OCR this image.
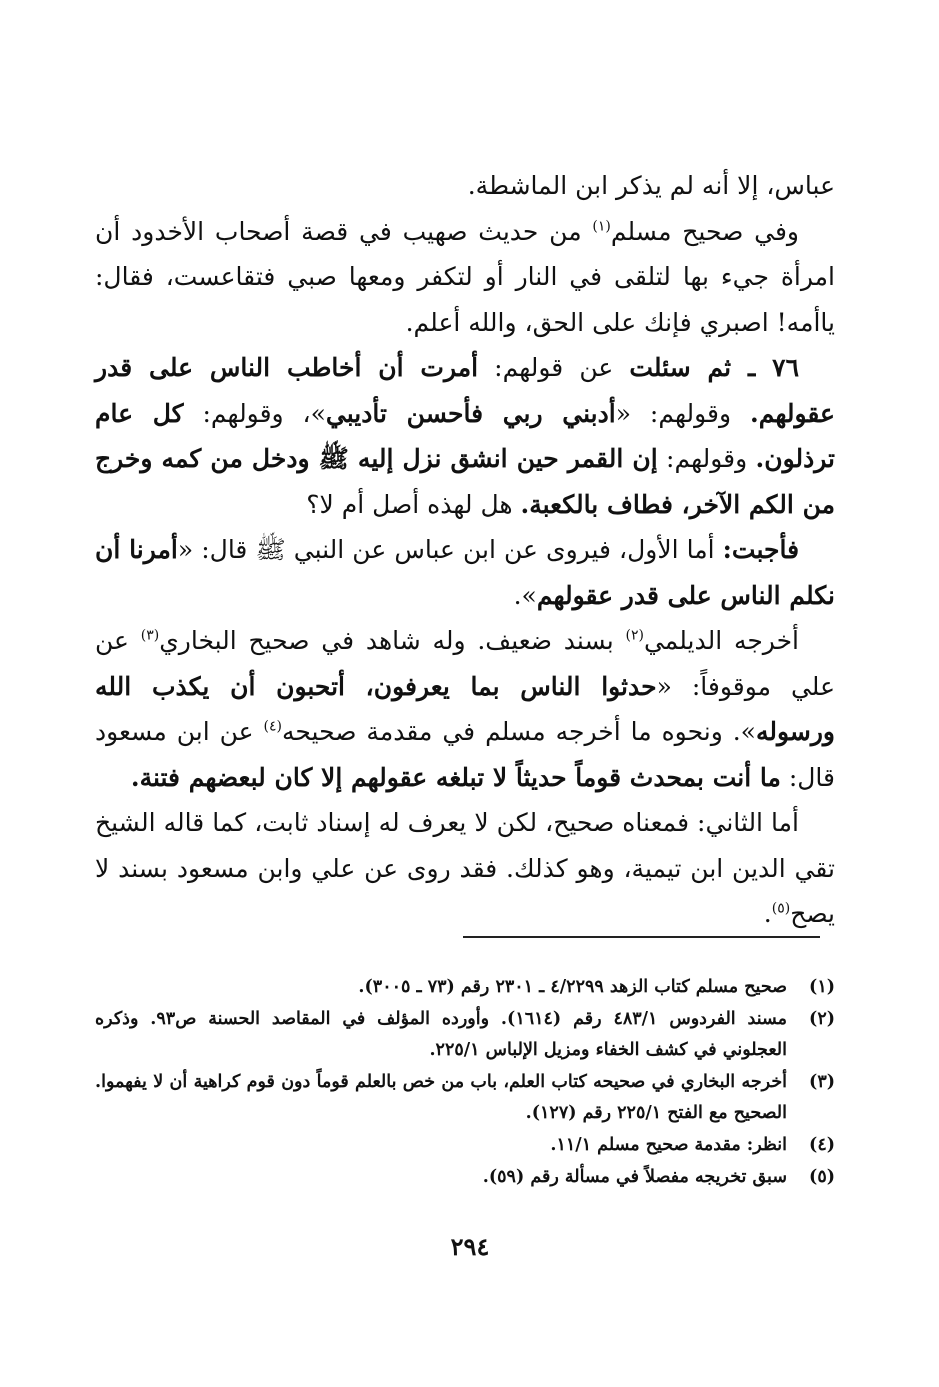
عباس، إلا أنه لم يذكر ابن الماشطة.

وفي صحيح مسلم$^{(١)}$ من حديث صهيب في قصة أصحاب الأخدود أن امرأة جيء بها لتلقى في النار أو لتكفر ومعها صبي فتقاعست، فقال: ياأمه! اصبري فإنك على الحق، والله أعلم.

٧٦ ـ ثم سئلت عن قولهم: أمرت أن أخاطب الناس على قدر عقولهم. وقولهم: «أدبني ربي فأحسن تأديبي»، وقولهم: كل عام ترذلون. وقولهم: إن القمر حين انشق نزل إليه ﷺ ودخل من كمه وخرج من الكم الآخر، فطاف بالكعبة. هل لهذه أصل أم لا؟

فأجبت: أما الأول، فيروى عن ابن عباس عن النبي ﷺ قال: «أمرنا أن نكلم الناس على قدر عقولهم».

أخرجه الديلمي$^{(٢)}$ بسند ضعيف. وله شاهد في صحيح البخاري$^{(٣)}$ عن علي موقوفاً: «حدثوا الناس بما يعرفون، أتحبون أن يكذب الله ورسوله». ونحوه ما أخرجه مسلم في مقدمة صحيحه$^{(٤)}$ عن ابن مسعود قال: ما أنت بمحدث قوماً حديثاً لا تبلغه عقولهم إلا كان لبعضهم فتنة.

أما الثاني: فمعناه صحيح، لكن لا يعرف له إسناد ثابت، كما قاله الشيخ تقي الدين ابن تيمية، وهو كذلك. فقد روى عن علي وابن مسعود بسند لا يصح$^{(٥)}$.

(١)
صحيح مسلم كتاب الزهد ٤/٢٢٩٩ ـ ٢٣٠١ رقم (٧٣ ـ ٣٠٠٥).
(٢)
مسند الفردوس ٤٨٣/١ رقم (١٦١٤). وأورده المؤلف في المقاصد الحسنة ص٩٣. وذكره العجلوني في كشف الخفاء ومزيل الإلباس ٢٢٥/١.
(٣)
أخرجه البخاري في صحيحه كتاب العلم، باب من خص بالعلم قوماً دون قوم كراهية أن لا يفهموا. الصحيح مع الفتح ٢٢٥/١ رقم (١٢٧).
(٤)
انظر: مقدمة صحيح مسلم ١١/١.
(٥)
سبق تخريجه مفصلاً في مسألة رقم (٥٩).
٢٩٤
